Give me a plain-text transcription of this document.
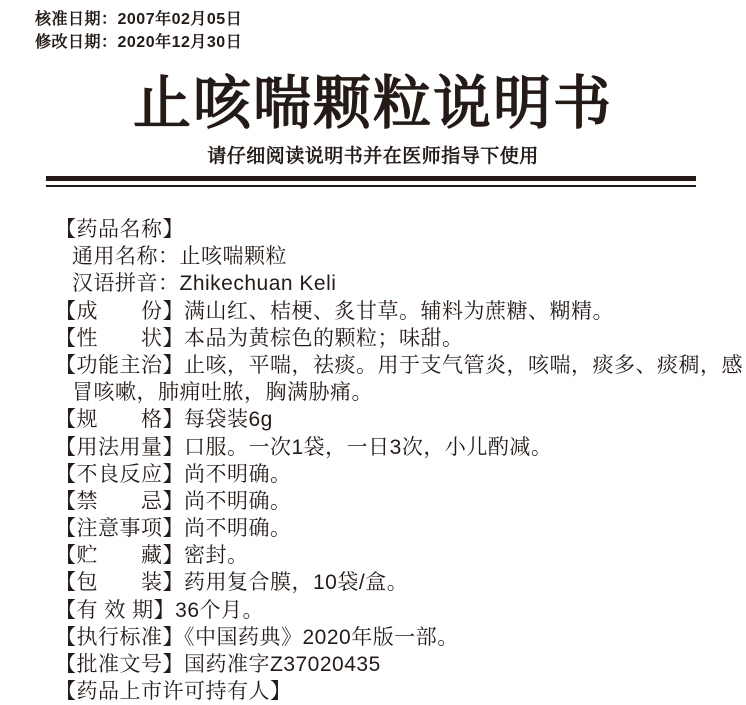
核准日期：2007年02月05日
修改日期：2020年12月30日
止咳喘颗粒说明书
请仔细阅读说明书并在医师指导下使用
【药品名称】
通用名称：止咳喘颗粒
汉语拼音：Zhikechuan Keli
【成　　份】满山红、桔梗、炙甘草。辅料为蔗糖、糊精。
【性　　状】本品为黄棕色的颗粒；味甜。
【功能主治】止咳，平喘，祛痰。用于支气管炎，咳喘，痰多、痰稠，感
冒咳嗽，肺痈吐脓，胸满胁痛。
【规　　格】每袋装6g
【用法用量】口服。一次1袋，一日3次，小儿酌减。
【不良反应】尚不明确。
【禁　　忌】尚不明确。
【注意事项】尚不明确。
【贮　　藏】密封。
【包　　装】药用复合膜，10袋/盒。
【有 效 期】36个月。
【执行标准】《中国药典》2020年版一部。
【批准文号】国药准字Z37020435
【药品上市许可持有人】
